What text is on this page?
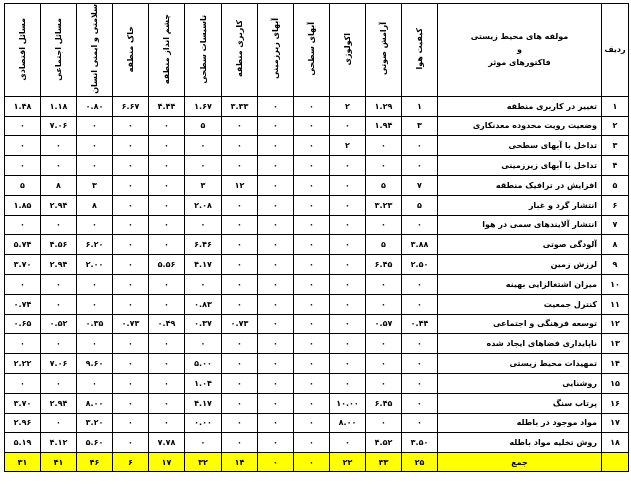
ردیف	مولفه های محیط زیستی
و
فاکتورهای موثر	کیفیت هوا	آرامش صوتی	اکولوژی	آبهای سطحی	آبهای زیرزمینی	کاربری منطقه	تاسیسات سطحی	چشم انداز منطقه	خاک منطقه	سلامتی و ایمنی انسان	مسائل اجتماعی	مسائل اقتصادی
۱	تغییر در کاربری منطقه	۱	۱.۲۹	۲	۰	۰	۳.۳۳	۱.۶۷	۴.۴۴	۶.۶۷	۰.۸۰	۱.۱۸	۱.۴۸
۲	وضعیت رویت محدوده معدنکاری	۳	۱.۹۴	۰	۰	۰	۰	۵	۰	۰	۰	۷.۰۶	۰
۳	تداخل با آبهای سطحی	۰	۰	۲	۰	۰	۰	۰	۰	۰	۰	۰	۰
۴	تداخل با آبهای زیرزمینی	۰	۰	۰	۰	۰	۰	۰	۰	۰	۰	۰	۰
۵	افزایش در ترافیک منطقه	۷	۵	۰	۰	۰	۱۲	۳	۰	۰	۳	۸	۵
۶	انتشار گرد و غبار	۵	۳.۲۳	۰	۰	۰	۰	۲.۰۸	۰	۰	۸	۲.۹۴	۱.۸۵
۷	انتشار آلایندهای سمی در هوا	۰	۰	۰	۰	۰	۰	۰	۰	۰	۰	۰	۰
۸	آلودگی صوتی	۳.۸۸	۵	۰	۰	۰	۰	۶.۴۶	۰	۰	۶.۲۰	۴.۵۶	۵.۷۴
۹	لرزش زمین	۲.۵۰	۶.۴۵	۰	۰	۰	۰	۴.۱۷	۵.۵۶	۰	۲.۰۰	۲.۹۴	۳.۷۰
۱۰	میزان اشتغالزایی بهینه	۰	۰	۰	۰	۰	۰	۰	۰	۰	۰	۰	۰
۱۱	کنترل جمعیت	۰	۰	۰	۰	۰	۰	۰.۸۳	۰	۰	۰	۰	۰.۷۴
۱۲	توسعه فرهنگی و اجتماعی	۰.۴۴	۰.۵۷	۰	۰	۰	۰.۷۳	۰.۳۷	۰.۴۹	۰.۷۳	۰.۳۵	۰.۵۲	۰.۶۵
۱۳	ناپایداری فضاهای ایجاد شده	۰	۰	۰	۰	۰	۰	۰	۰	۰	۰	۰	۰
۱۴	تمهیدات محیط زیستی	۰	۰	۰	۰	۰	۰	۵.۰۰	۰	۰	۹.۶۰	۷.۰۶	۲.۲۲
۱۵	روشنایی	۰	۰	۰	۰	۰	۰	۱.۰۴	۰	۰	۰	۰	۰
۱۶	پرتاب سنگ	۰	۶.۴۵	۱۰.۰۰	۰	۰	۰	۴.۱۷	۰	۰	۸.۰۰	۲.۹۴	۳.۷۰
۱۷	مواد موجود در باطله	۰	۰	۸.۰۰	۰	۰	۰	۰.۰۰	۰	۰	۳.۲۰	۰	۲.۹۶
۱۸	روش تخلیه مواد باطله	۳.۵۰	۴.۵۲	۰	۰	۰	۰	۰	۷.۷۸	۰	۵.۶۰	۴.۱۲	۵.۱۹
	جمع	۲۵	۳۳	۲۲	۰	۰	۱۴	۳۲	۱۷	۶	۴۶	۴۱	۳۱
